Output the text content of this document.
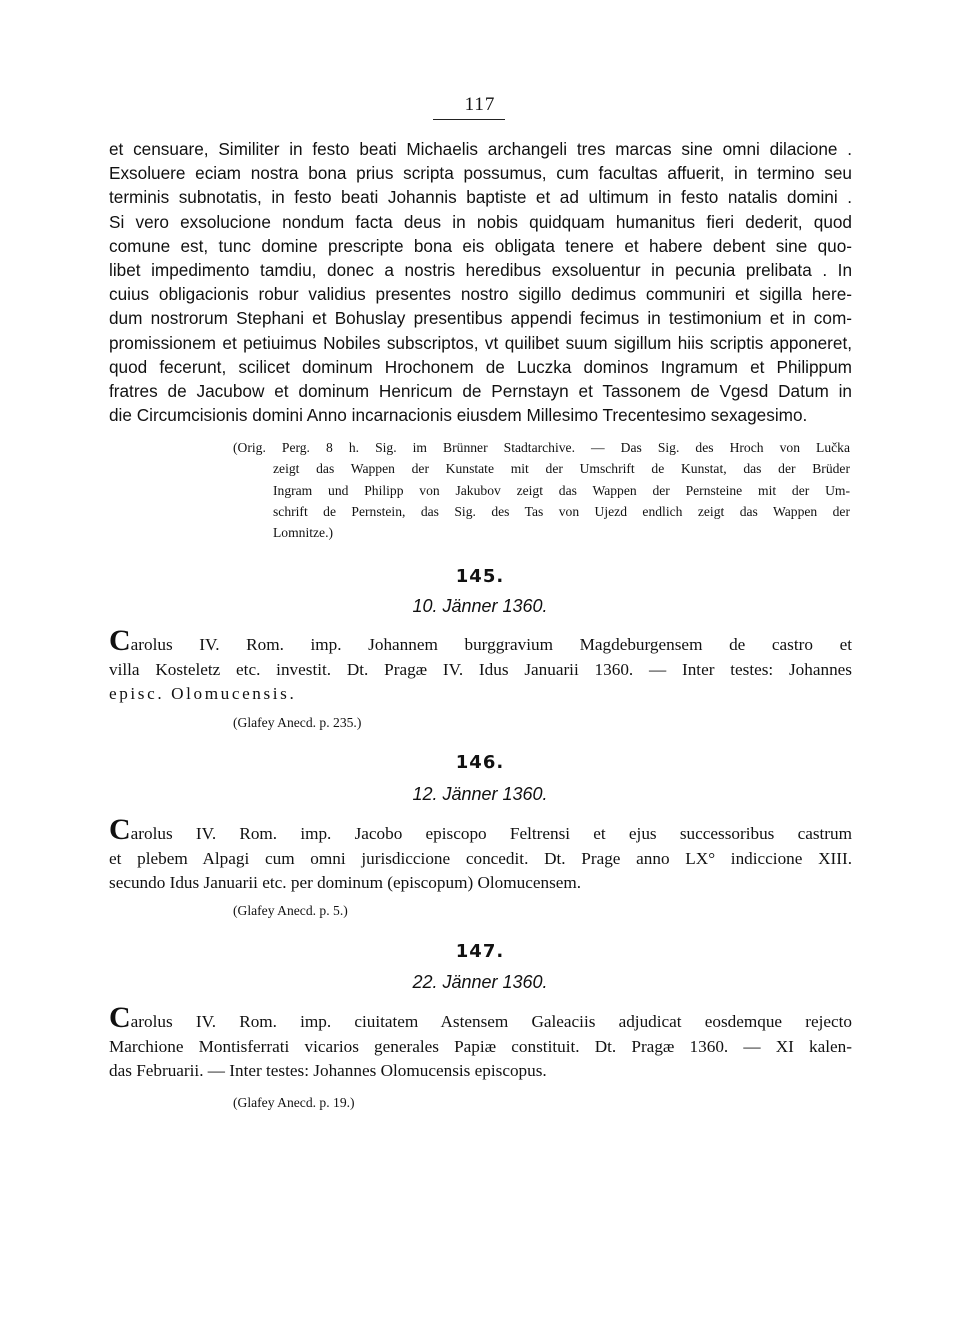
117
et censuare, Similiter in festo beati Michaelis archangeli tres marcas sine omni dilacione .
Exsoluere eciam nostra bona prius scripta possumus, cum facultas affuerit, in termino seu
terminis subnotatis, in festo beati Johannis baptiste et ad ultimum in festo natalis domini .
Si vero exsolucione nondum facta deus in nobis quidquam humanitus fieri dederit, quod
comune est, tunc domine prescripte bona eis obligata tenere et habere debent sine quo-
libet impedimento tamdiu, donec a nostris heredibus exsoluentur in pecunia prelibata . In
cuius obligacionis robur validius presentes nostro sigillo dedimus communiri et sigilla here-
dum nostrorum Stephani et Bohuslay presentibus appendi fecimus in testimonium et in com-
promissionem et petiuimus Nobiles subscriptos, vt quilibet suum sigillum hiis scriptis apponeret,
quod fecerunt, scilicet dominum Hrochonem de Luczka dominos Ingramum et Philippum
fratres de Jacubow et dominum Henricum de Pernstayn et Tassonem de Vgesd Datum in
die Circumcisionis domini Anno incarnacionis eiusdem Millesimo Trecentesimo sexagesimo.
(Orig. Perg. 8 h. Sig. im Brünner Stadtarchive. — Das Sig. des Hroch von Lučka
zeigt das Wappen der Kunstate mit der Umschrift de Kunstat, das der Brüder
Ingram und Philipp von Jakubov zeigt das Wappen der Pernsteine mit der Um-
schrift de Pernstein, das Sig. des Tas von Ujezd endlich zeigt das Wappen der
Lomnitze.)
145.
10. Jänner 1360.
Carolus IV. Rom. imp. Johannem burggravium Magdeburgensem de castro et
villa Kosteletz etc. investit. Dt. Pragæ IV. Idus Januarii 1360. — Inter testes: Johannes
episc. Olomucensis.
(Glafey Anecd. p. 235.)
146.
12. Jänner 1360.
Carolus IV. Rom. imp. Jacobo episcopo Feltrensi et ejus successoribus castrum
et plebem Alpagi cum omni jurisdiccione concedit. Dt. Prage anno LX° indiccione XIII.
secundo Idus Januarii etc. per dominum (episcopum) Olomucensem.
(Glafey Anecd. p. 5.)
147.
22. Jänner 1360.
Carolus IV. Rom. imp. ciuitatem Astensem Galeaciis adjudicat eosdemque rejecto
Marchione Montisferrati vicarios generales Papiæ constituit. Dt. Pragæ 1360. — XI kalen-
das Februarii. — Inter testes: Johannes Olomucensis episcopus.
(Glafey Anecd. p. 19.)
